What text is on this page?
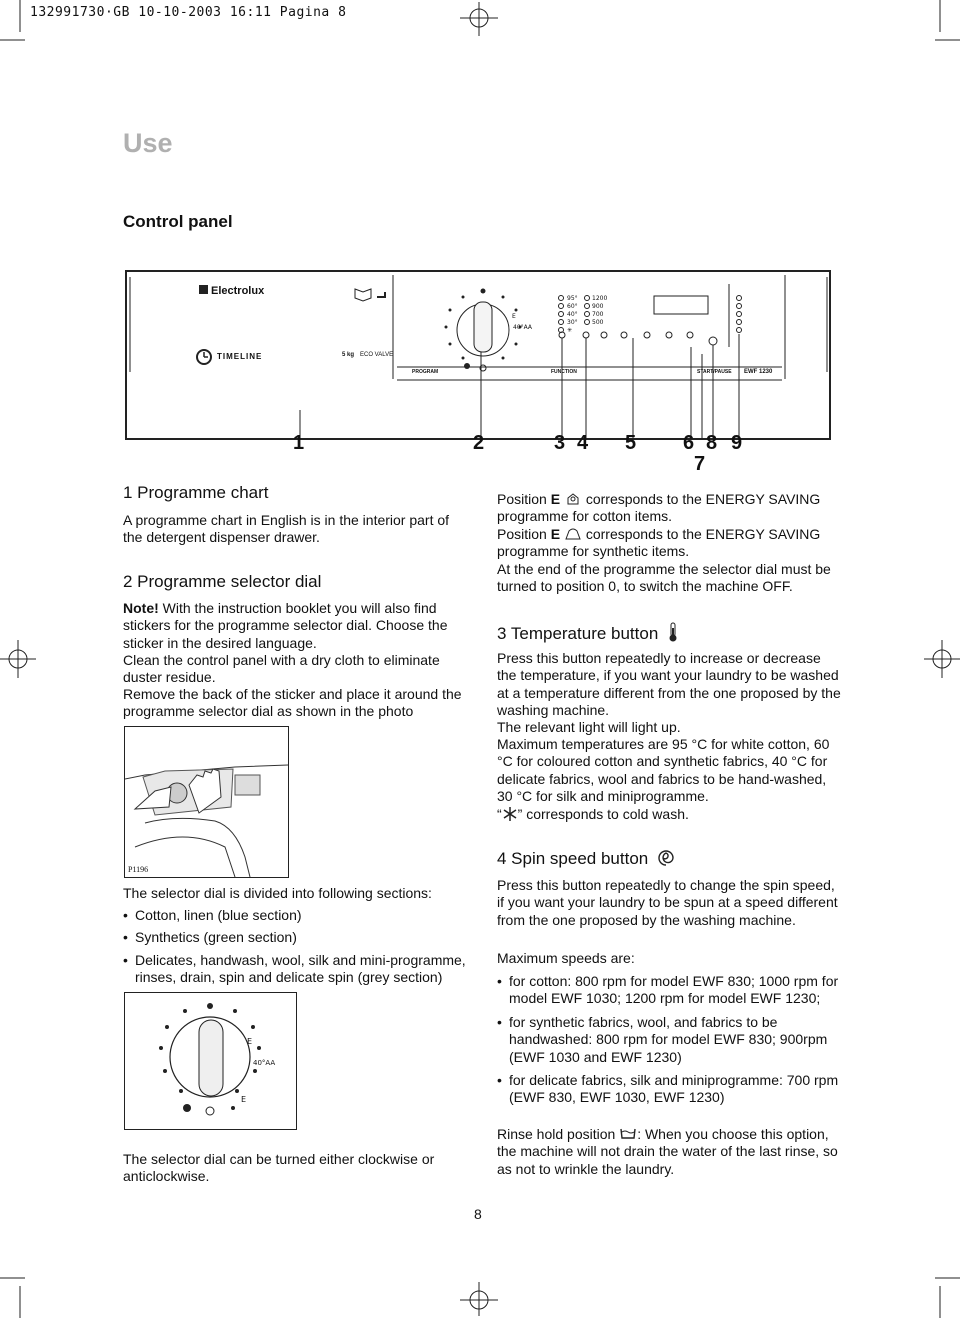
132991730·GB 10-10-2003 16:11 Pagina 8
Use
Control panel
Electrolux
TIMELINE	5 kg ECO VALVE
PROGRAM	FUNCTION	START/PAUSE EWF 1230
95°
60°
40°
30°
✳
1200
900
700
500
E
40°AA
1	2	3 4 5 6 8 9
7
1 Programme chart
A programme chart in English is in the interior part of the detergent dispenser drawer.
2 Programme selector dial
Note! With the instruction booklet you will also find stickers for the programme selector dial. Choose the sticker in the desired language.
Clean the control panel with a dry cloth to eliminate duster residue.
Remove the back of the sticker and place it around the programme selector dial as shown in the photo
P1196
The selector dial is divided into following sections:
• Cotton, linen (blue section)
• Synthetics (green section)
• Delicates, handwash, wool, silk and mini-programme, rinses, drain, spin and delicate spin (grey section)
E
40°AA
E
The selector dial can be turned either clockwise or anticlockwise.
Position E  corresponds to the ENERGY SAVING programme for cotton items.
Position E  corresponds to the ENERGY SAVING programme for synthetic items.
At the end of the programme the selector dial must be turned to position 0, to switch the machine OFF.
3 Temperature button
Press this button repeatedly to increase or decrease the temperature, if you want your laundry to be washed at a temperature different from the one proposed by the washing machine.
The relevant light will light up.
Maximum temperatures are 95 °C for white cotton, 60 °C for coloured cotton and synthetic fabrics, 40 °C for delicate fabrics, wool and fabrics to be hand-washed, 30 °C for silk and miniprogramme.
“ ” corresponds to cold wash.
4 Spin speed button
Press this button repeatedly to change the spin speed, if you want your laundry to be spun at a speed different from the one proposed by the washing machine.
Maximum speeds are:
• for cotton: 800 rpm for model EWF 830; 1000 rpm for model EWF 1030; 1200 rpm for model EWF 1230;
• for synthetic fabrics, wool, and fabrics to be handwashed: 800 rpm for model EWF 830; 900rpm (EWF 1030 and EWF 1230)
• for delicate fabrics, silk and miniprogramme: 700 rpm (EWF 830, EWF 1030, EWF 1230)
Rinse hold position : When you choose this option, the machine will not drain the water of the last rinse, so as not to wrinkle the laundry.
8
